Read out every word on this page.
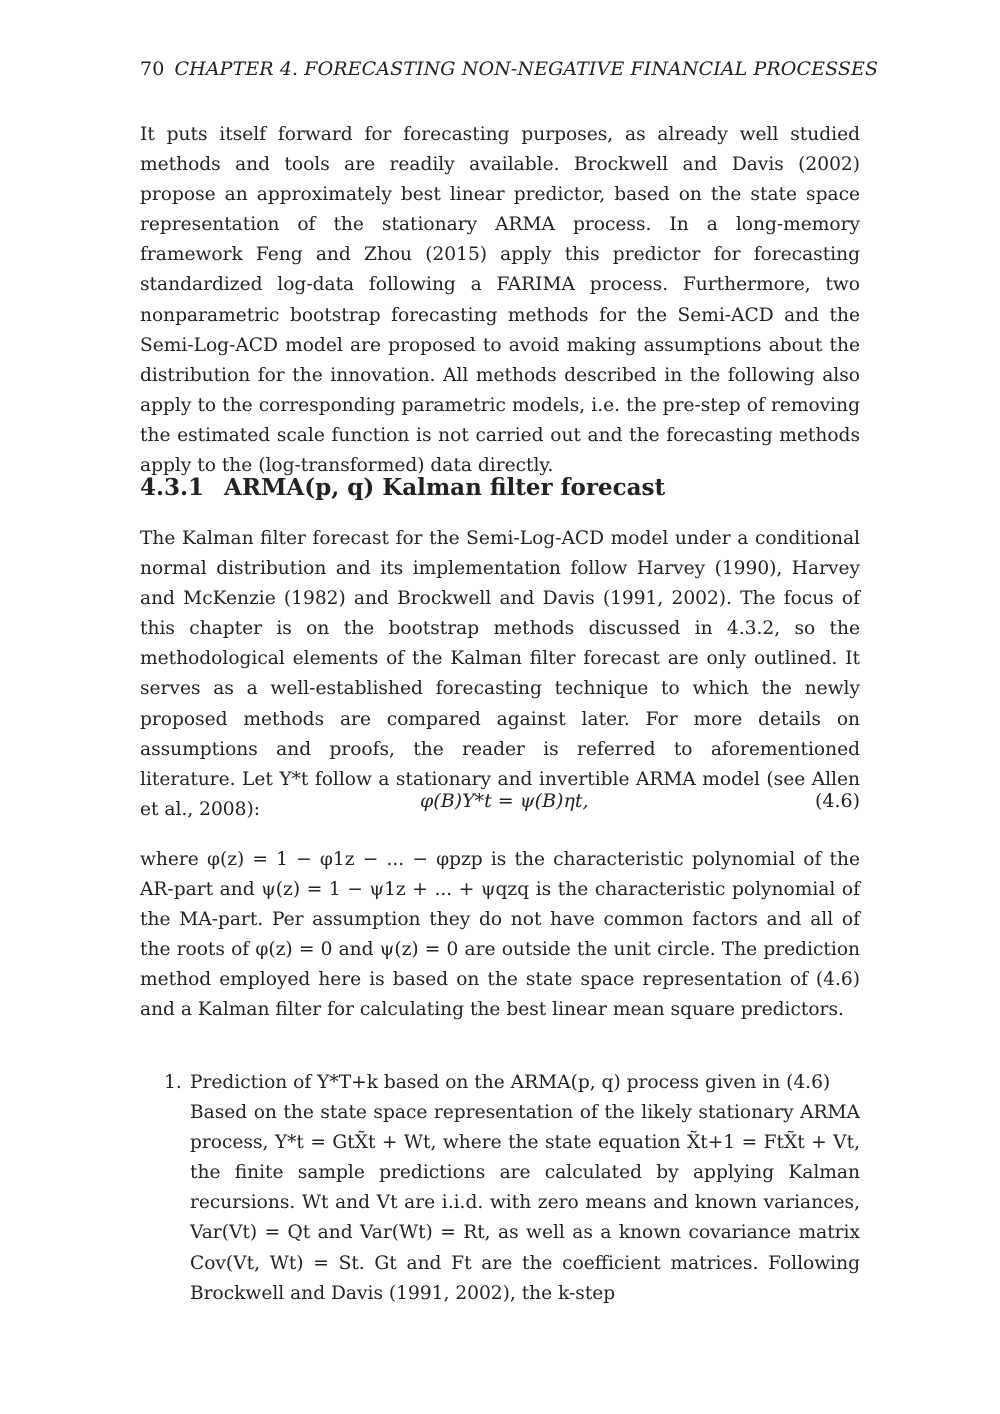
70 CHAPTER 4. FORECASTING NON-NEGATIVE FINANCIAL PROCESSES

It puts itself forward for forecasting purposes, as already well studied methods and tools are readily available. Brockwell and Davis (2002) propose an approximately best linear predictor, based on the state space representation of the stationary ARMA process. In a long-memory framework Feng and Zhou (2015) apply this predictor for forecasting standardized log-data following a FARIMA process. Furthermore, two nonparametric bootstrap forecasting methods for the Semi-ACD and the Semi-Log-ACD model are proposed to avoid making assumptions about the distribution for the innovation. All methods described in the following also apply to the corresponding parametric models, i.e. the pre-step of removing the estimated scale function is not carried out and the forecasting methods apply to the (log-transformed) data directly.

4.3.1 ARMA(p, q) Kalman filter forecast

The Kalman filter forecast for the Semi-Log-ACD model under a conditional normal distribution and its implementation follow Harvey (1990), Harvey and McKenzie (1982) and Brockwell and Davis (1991, 2002). The focus of this chapter is on the bootstrap methods discussed in 4.3.2, so the methodological elements of the Kalman filter forecast are only outlined. It serves as a well-established forecasting technique to which the newly proposed methods are compared against later. For more details on assumptions and proofs, the reader is referred to aforementioned literature. Let Y*t follow a stationary and invertible ARMA model (see Allen et al., 2008):	φ(B)Y*t = ψ(B)ηt,	(4.6)

where φ(z) = 1 − φ1z − ... − φpzp is the characteristic polynomial of the AR-part and ψ(z) = 1 − ψ1z + ... + ψqzq is the characteristic polynomial of the MA-part. Per assumption they do not have common factors and all of the roots of φ(z) = 0 and ψ(z) = 0 are outside the unit circle. The prediction method employed here is based on the state space representation of (4.6) and a Kalman filter for calculating the best linear mean square predictors.

1. Prediction of Y*T+k based on the ARMA(p, q) process given in (4.6)

Based on the state space representation of the likely stationary ARMA process, Y*t = GtX̃t + Wt, where the state equation X̃t+1 = FtX̃t + Vt, the finite sample predictions are calculated by applying Kalman recursions. Wt and Vt are i.i.d. with zero means and known variances, Var(Vt) = Qt and Var(Wt) = Rt, as well as a known covariance matrix Cov(Vt, Wt) = St. Gt and Ft are the coefficient matrices. Following Brockwell and Davis (1991, 2002), the k-step
